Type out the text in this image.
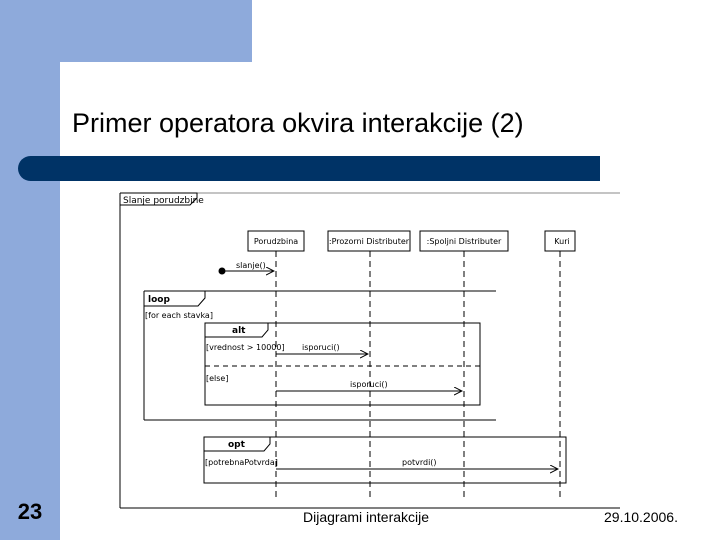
Primer operatora okvira interakcije (2)
Slanje porudzbine
Porudzbina	:Prozorni Distributer :Spoljni Distributer	Kuri
slanje()
loop
[for each stavka]
alt
[vrednost > 10000] isporuci()
[else]
isporuci()
opt
[potrebnaPotvrda]	potvrdi()
23	Dijagrami interakcije	29.10.2006.
